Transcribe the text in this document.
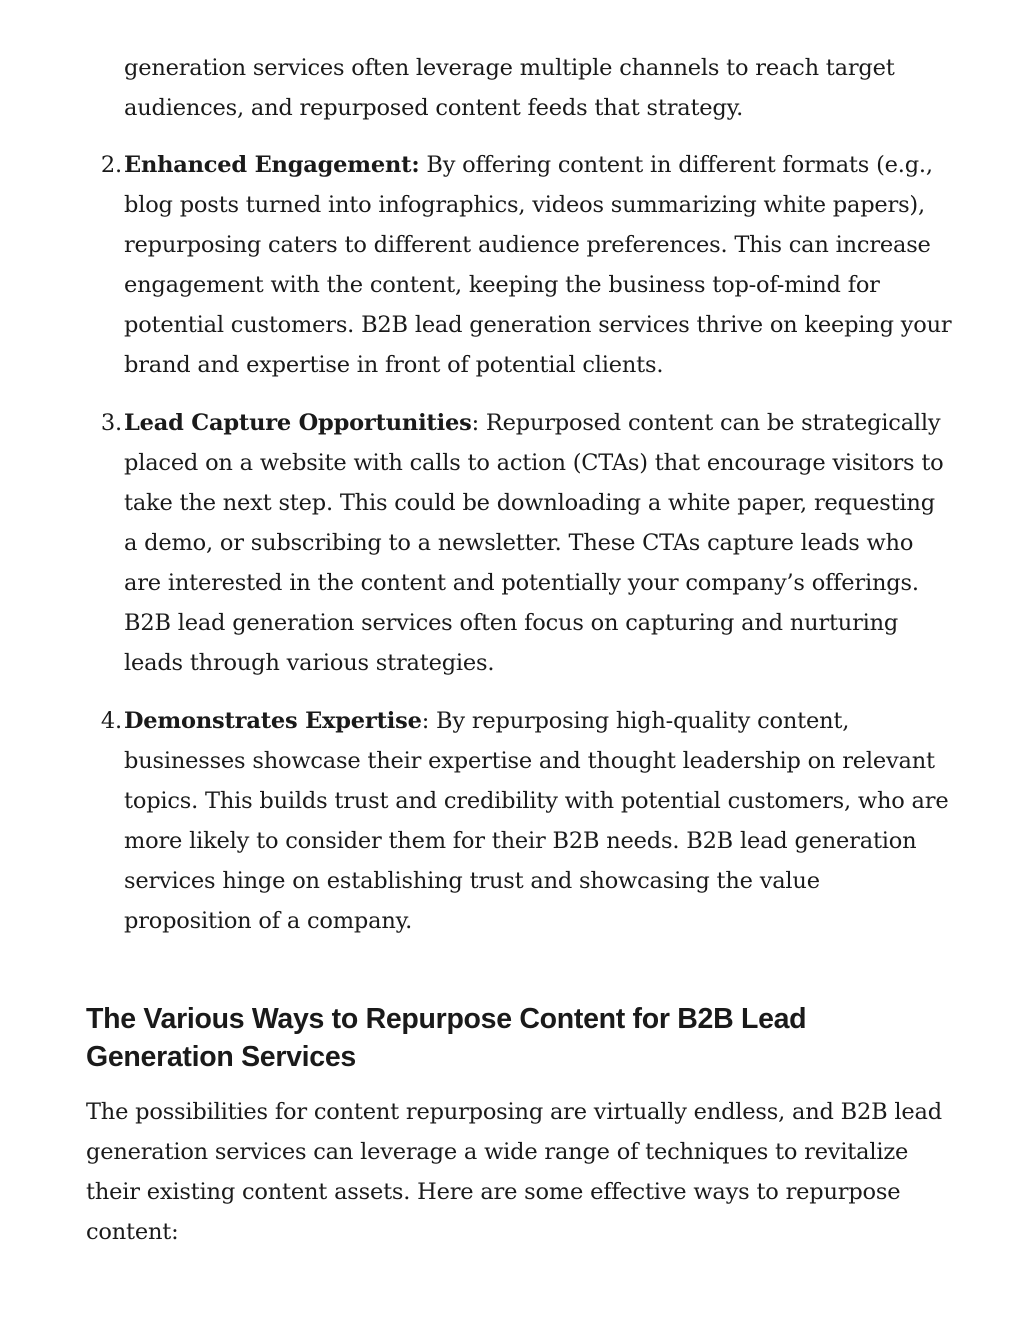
generation services often leverage multiple channels to reach target audiences, and repurposed content feeds that strategy.
2. Enhanced Engagement: By offering content in different formats (e.g., blog posts turned into infographics, videos summarizing white papers), repurposing caters to different audience preferences. This can increase engagement with the content, keeping the business top-of-mind for potential customers. B2B lead generation services thrive on keeping your brand and expertise in front of potential clients.
3. Lead Capture Opportunities: Repurposed content can be strategically placed on a website with calls to action (CTAs) that encourage visitors to take the next step. This could be downloading a white paper, requesting a demo, or subscribing to a newsletter. These CTAs capture leads who are interested in the content and potentially your company’s offerings. B2B lead generation services often focus on capturing and nurturing leads through various strategies.
4. Demonstrates Expertise: By repurposing high-quality content, businesses showcase their expertise and thought leadership on relevant topics. This builds trust and credibility with potential customers, who are more likely to consider them for their B2B needs. B2B lead generation services hinge on establishing trust and showcasing the value proposition of a company.
The Various Ways to Repurpose Content for B2B Lead Generation Services

The possibilities for content repurposing are virtually endless, and B2B lead generation services can leverage a wide range of techniques to revitalize their existing content assets. Here are some effective ways to repurpose content:
